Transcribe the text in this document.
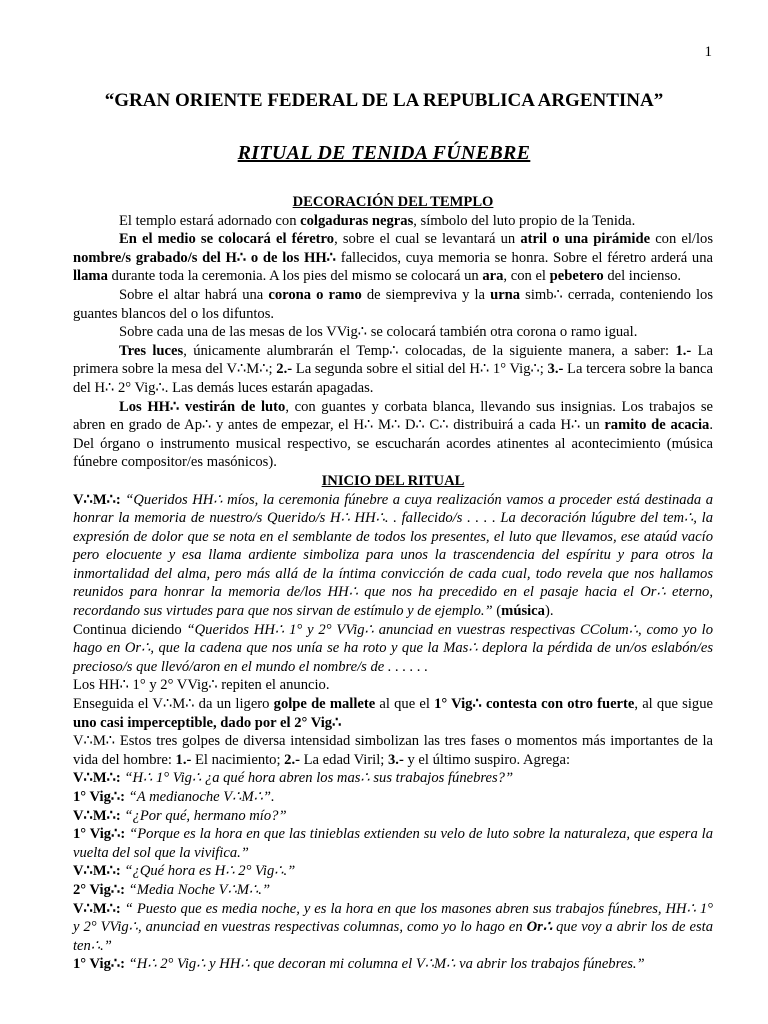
1
“GRAN ORIENTE FEDERAL DE LA REPUBLICA ARGENTINA”
RITUAL DE TENIDA FÚNEBRE

DECORACIÓN DEL TEMPLO

El templo estará adornado con colgaduras negras, símbolo del luto propio de la Tenida.

En el medio se colocará el féretro, sobre el cual se levantará un atril o una pirámide con el/los nombre/s grabado/s del H∴ o de los HH∴ fallecidos, cuya memoria se honra. Sobre el féretro arderá una llama durante toda la ceremonia. A los pies del mismo se colocará un ara, con el pebetero del incienso.

Sobre el altar habrá una corona o ramo de siempreviva y la urna simb∴ cerrada, conteniendo los guantes blancos del o los difuntos.

Sobre cada una de las mesas de los VVig∴ se colocará también otra corona o ramo igual.

Tres luces, únicamente alumbrarán el Temp∴ colocadas, de la siguiente manera, a saber: 1.- La primera sobre la mesa del V∴M∴; 2.- La segunda sobre el sitial del H∴ 1° Vig∴; 3.- La tercera sobre la banca del H∴ 2° Vig∴. Las demás luces estarán apagadas.

Los HH∴ vestirán de luto, con guantes y corbata blanca, llevando sus insignias. Los trabajos se abren en grado de Ap∴ y antes de empezar, el H∴ M∴ D∴ C∴ distribuirá a cada H∴ un ramito de acacia. Del órgano o instrumento musical respectivo, se escucharán acordes atinentes al acontecimiento (música fúnebre compositor/es masónicos).

INICIO DEL RITUAL

V∴M∴: “Queridos HH∴ míos, la ceremonia fúnebre a cuya realización vamos a proceder está destinada a honrar la memoria de nuestro/s Querido/s H∴ HH∴. . fallecido/s . . . . La decoración lúgubre del tem∴, la expresión de dolor que se nota en el semblante de todos los presentes, el luto que llevamos, ese ataúd vacío pero elocuente y esa llama ardiente simboliza para unos la trascendencia del espíritu y para otros la inmortalidad del alma, pero más allá de la íntima convicción de cada cual, todo revela que nos hallamos reunidos para honrar la memoria de/los HH∴ que nos ha precedido en el pasaje hacia el Or∴ eterno, recordando sus virtudes para que nos sirvan de estímulo y de ejemplo.” (música).

Continua diciendo “Queridos HH∴ 1° y 2° VVig∴ anunciad en vuestras respectivas CColum∴, como yo lo hago en Or∴, que la cadena que nos unía se ha roto y que la Mas∴ deplora la pérdida de un/os eslabón/es precioso/s que llevó/aron en el mundo el nombre/s de . . . . . .

Los HH∴ 1° y 2° VVig∴ repiten el anuncio.

Enseguida el V∴M∴ da un ligero golpe de mallete al que el 1° Vig∴ contesta con otro fuerte, al que sigue uno casi imperceptible, dado por el 2° Vig∴

V∴M∴ Estos tres golpes de diversa intensidad simbolizan las tres fases o momentos más importantes de la vida del hombre: 1.- El nacimiento; 2.- La edad Viril; 3.- y el último suspiro. Agrega:

V∴M∴: “H∴ 1° Vig∴ ¿a qué hora abren los mas∴ sus trabajos fúnebres?”

1° Vig∴: “A medianoche V∴M∴”.

V∴M∴: “¿Por qué, hermano mío?”

1° Vig∴: “Porque es la hora en que las tinieblas extienden su velo de luto sobre la naturaleza, que espera la vuelta del sol que la vivifica.”

V∴M∴: “¿Qué hora es H∴ 2° Vig∴.”

2° Vig∴: “Media Noche V∴M∴.”

V∴M∴: “ Puesto que es media noche, y es la hora en que los masones abren sus trabajos fúnebres, HH∴ 1° y 2° VVig∴, anunciad en vuestras respectivas columnas, como yo lo hago en Or∴ que voy a abrir los de esta ten∴.”

1° Vig∴: “H∴ 2° Vig∴ y HH∴ que decoran mi columna el V∴M∴ va abrir los trabajos fúnebres.”
